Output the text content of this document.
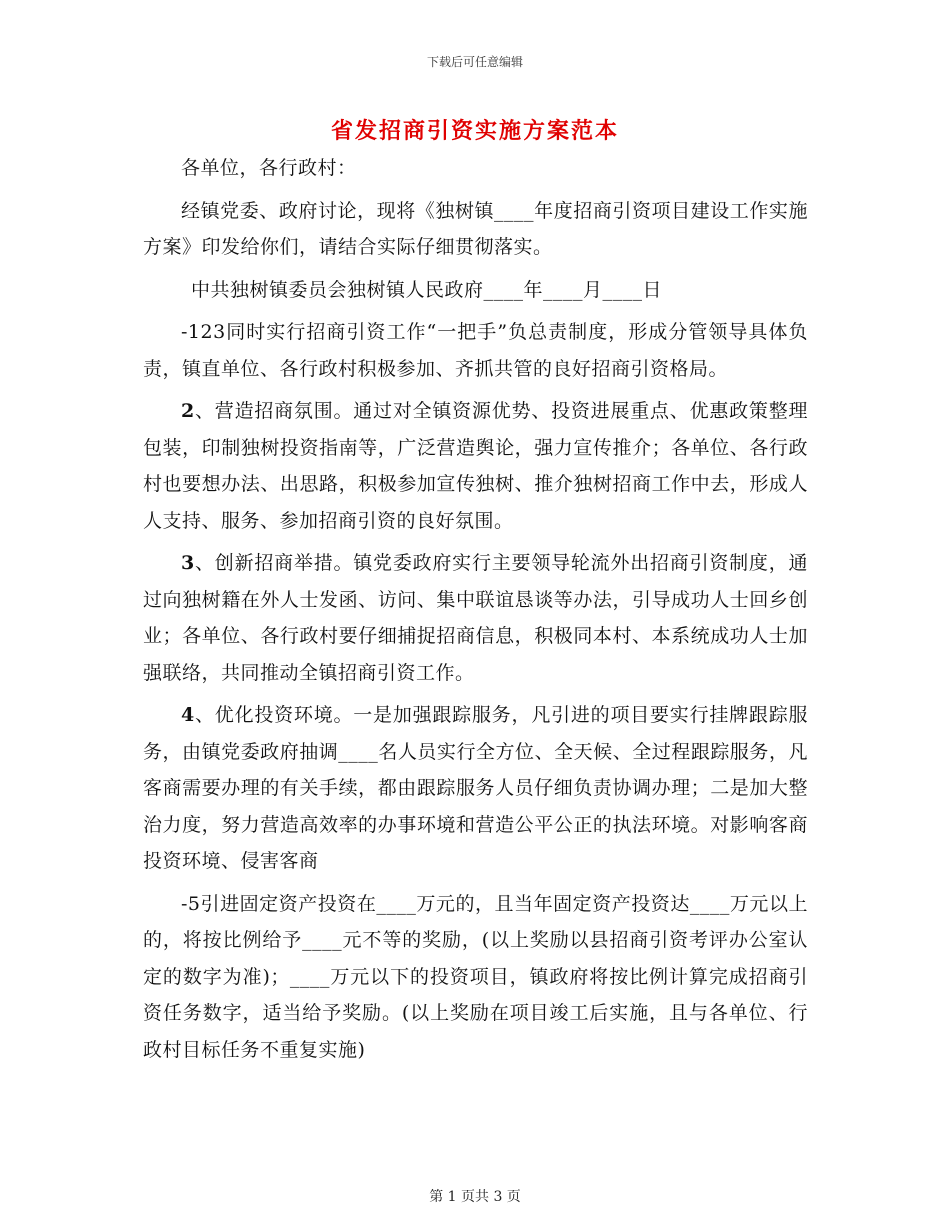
下载后可任意编辑
省发招商引资实施方案范本

各单位，各行政村：

经镇党委、政府讨论，现将《独树镇____年度招商引资项目建设工作实施方案》印发给你们，请结合实际仔细贯彻落实。

中共独树镇委员会独树镇人民政府____年____月____日

-123同时实行招商引资工作“一把手”负总责制度，形成分管领导具体负责，镇直单位、各行政村积极参加、齐抓共管的良好招商引资格局。

2、营造招商氛围。通过对全镇资源优势、投资进展重点、优惠政策整理包装，印制独树投资指南等，广泛营造舆论，强力宣传推介；各单位、各行政村也要想办法、出思路，积极参加宣传独树、推介独树招商工作中去，形成人人支持、服务、参加招商引资的良好氛围。

3、创新招商举措。镇党委政府实行主要领导轮流外出招商引资制度，通过向独树籍在外人士发函、访问、集中联谊恳谈等办法，引导成功人士回乡创业；各单位、各行政村要仔细捕捉招商信息，积极同本村、本系统成功人士加强联络，共同推动全镇招商引资工作。

4、优化投资环境。一是加强跟踪服务，凡引进的项目要实行挂牌跟踪服务，由镇党委政府抽调____名人员实行全方位、全天候、全过程跟踪服务，凡客商需要办理的有关手续，都由跟踪服务人员仔细负责协调办理；二是加大整治力度，努力营造高效率的办事环境和营造公平公正的执法环境。对影响客商投资环境、侵害客商

-5引进固定资产投资在____万元的，且当年固定资产投资达____万元以上的，将按比例给予____元不等的奖励，(以上奖励以县招商引资考评办公室认定的数字为准)；____万元以下的投资项目，镇政府将按比例计算完成招商引资任务数字，适当给予奖励。(以上奖励在项目竣工后实施，且与各单位、行政村目标任务不重复实施)

第 1 页共 3 页
